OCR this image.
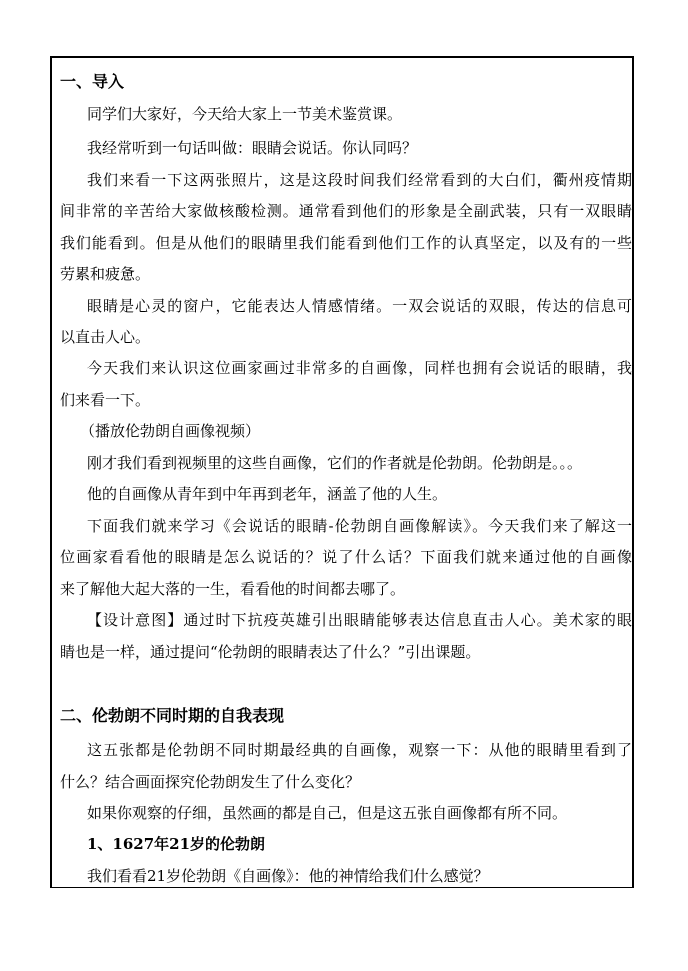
一、导入
同学们大家好，今天给大家上一节美术鉴赏课。
我经常听到一句话叫做：眼睛会说话。你认同吗？
我们来看一下这两张照片，这是这段时间我们经常看到的大白们，衢州疫情期
间非常的辛苦给大家做核酸检测。通常看到他们的形象是全副武装，只有一双眼睛
我们能看到。但是从他们的眼睛里我们能看到他们工作的认真坚定，以及有的一些
劳累和疲惫。
眼睛是心灵的窗户，它能表达人情感情绪。一双会说话的双眼，传达的信息可
以直击人心。
今天我们来认识这位画家画过非常多的自画像，同样也拥有会说话的眼睛，我
们来看一下。
（播放伦勃朗自画像视频）
刚才我们看到视频里的这些自画像，它们的作者就是伦勃朗。伦勃朗是。。。
他的自画像从青年到中年再到老年，涵盖了他的人生。
下面我们就来学习《会说话的眼睛-伦勃朗自画像解读》。今天我们来了解这一
位画家看看他的眼睛是怎么说话的？说了什么话？下面我们就来通过他的自画像
来了解他大起大落的一生，看看他的时间都去哪了。
【设计意图】通过时下抗疫英雄引出眼睛能够表达信息直击人心。美术家的眼
睛也是一样，通过提问“伦勃朗的眼睛表达了什么？”引出课题。
二、伦勃朗不同时期的自我表现
这五张都是伦勃朗不同时期最经典的自画像，观察一下：从他的眼睛里看到了
什么？结合画面探究伦勃朗发生了什么变化？
如果你观察的仔细，虽然画的都是自己，但是这五张自画像都有所不同。
1、1627年21岁的伦勃朗
我们看看21岁伦勃朗《自画像》：他的神情给我们什么感觉？
